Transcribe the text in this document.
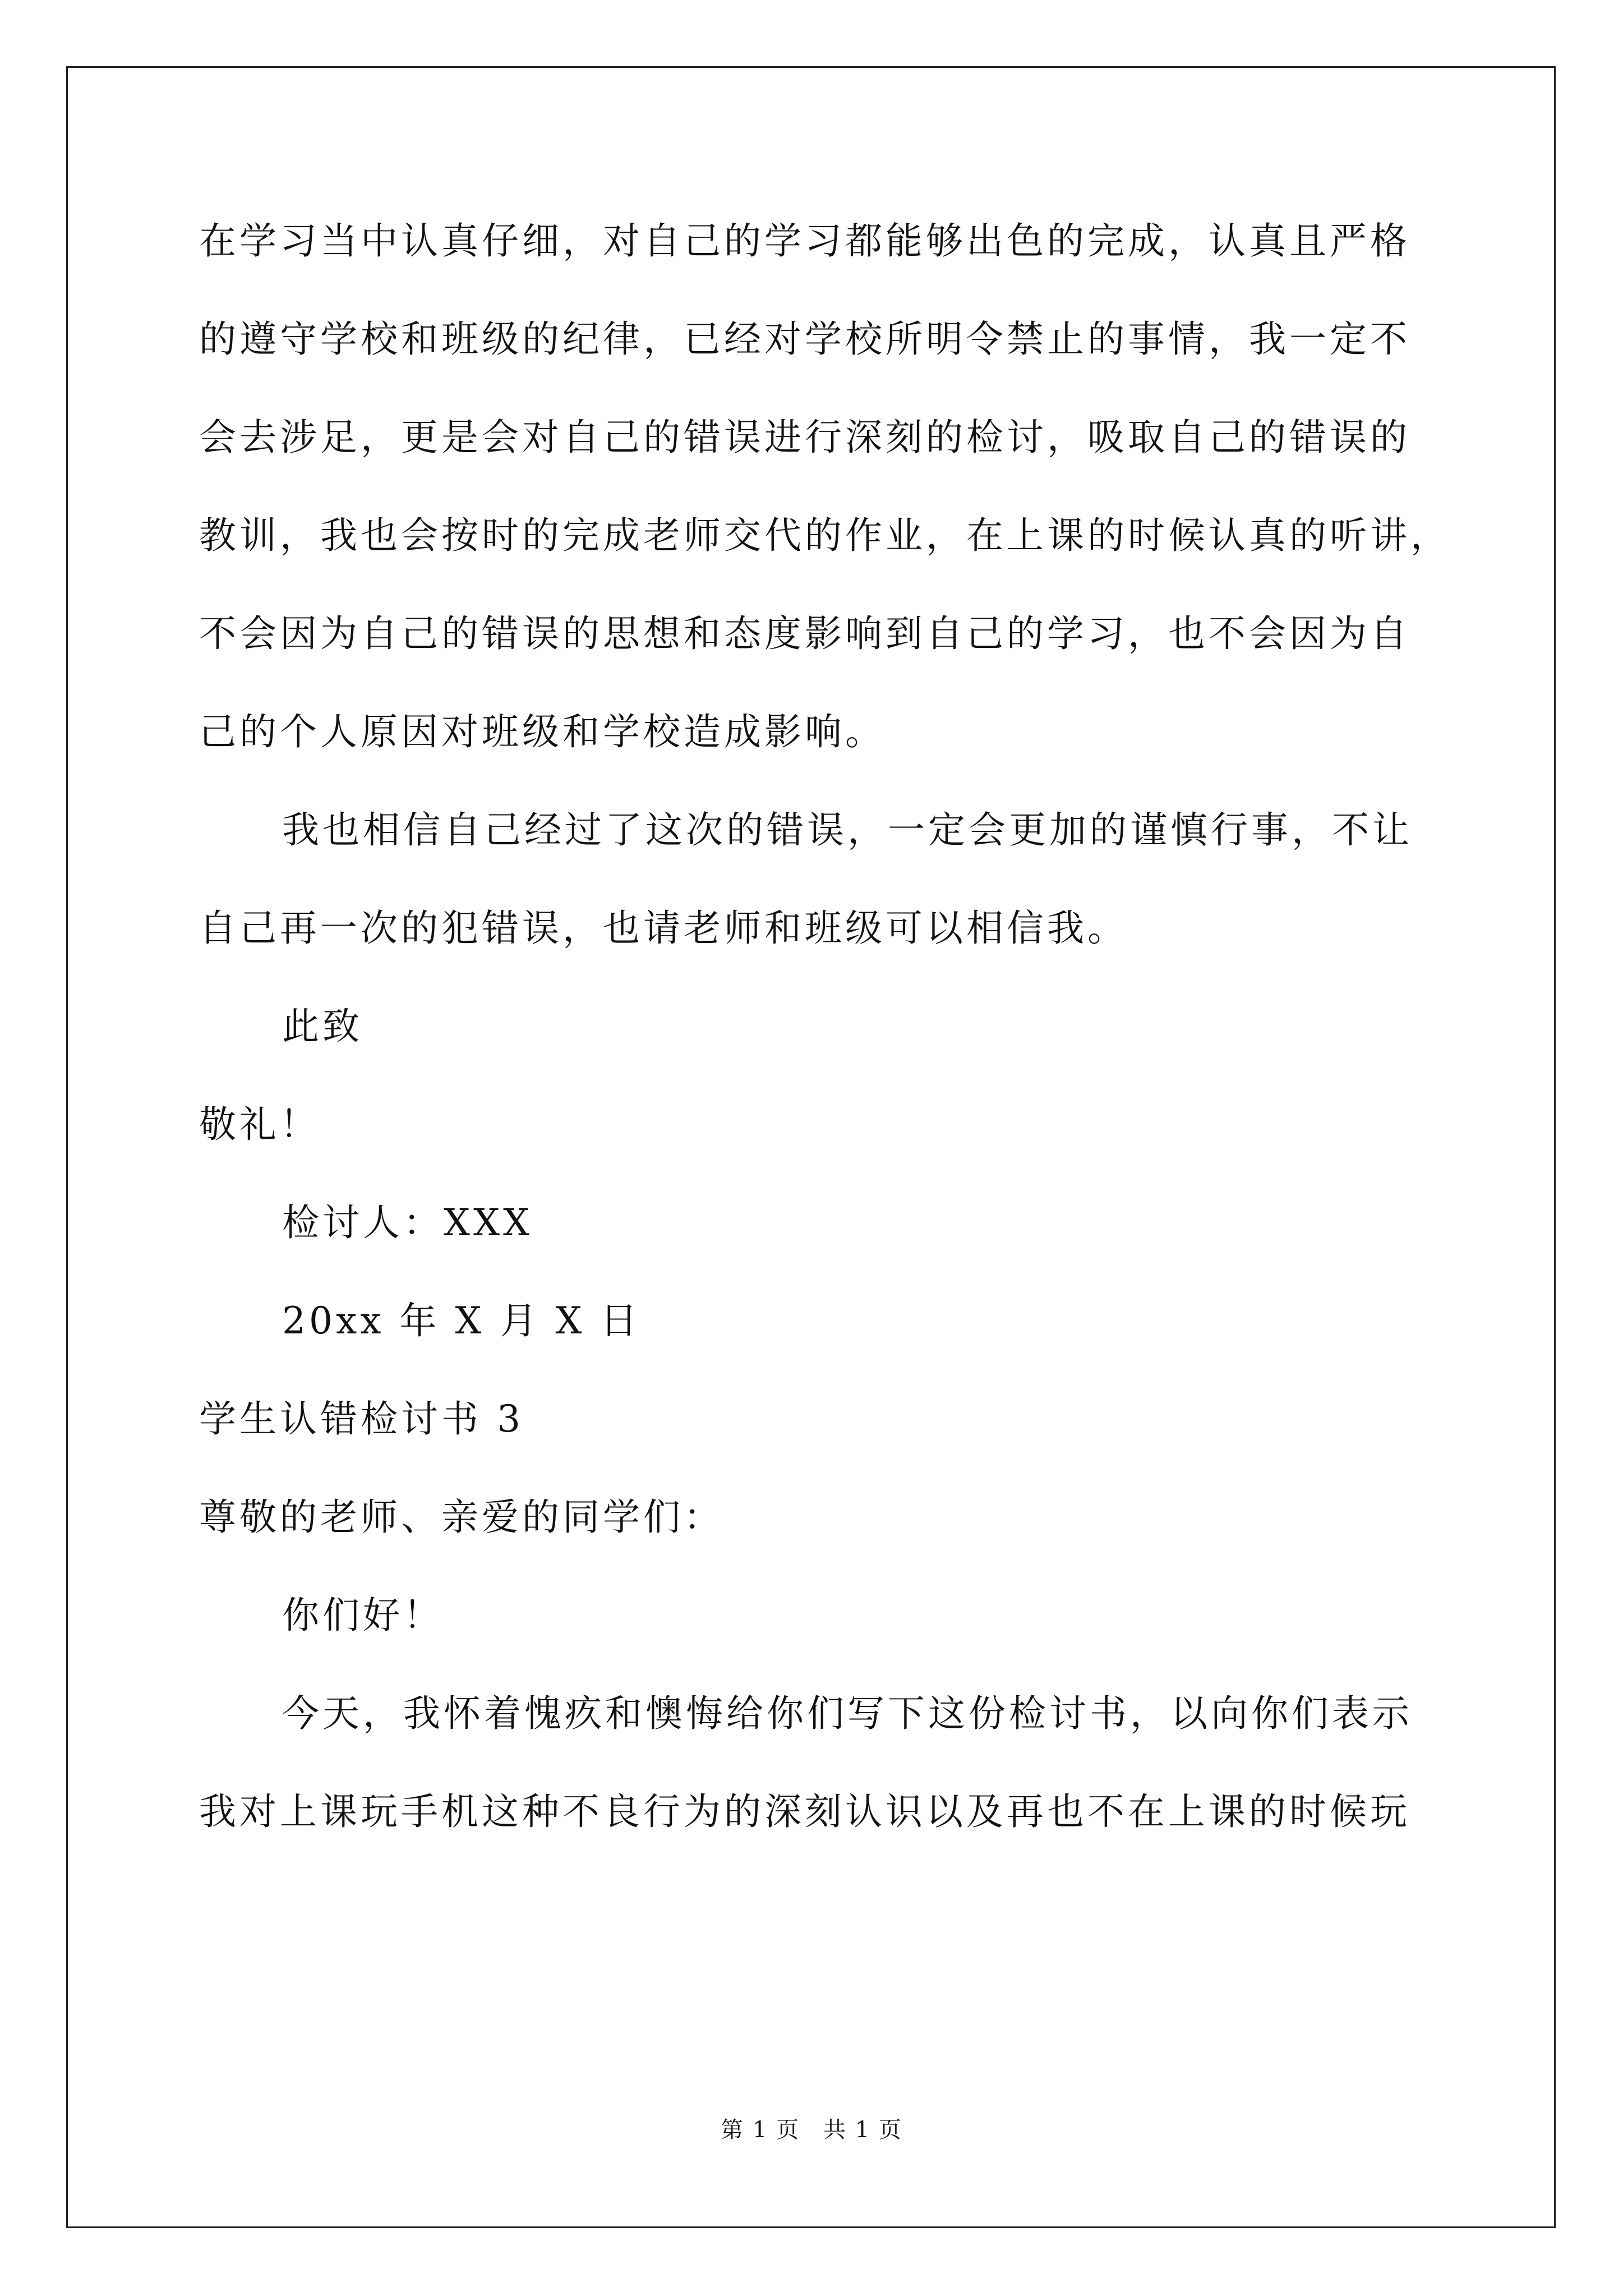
在学习当中认真仔细，对自己的学习都能够出色的完成，认真且严格
的遵守学校和班级的纪律，已经对学校所明令禁止的事情，我一定不
会去涉足，更是会对自己的错误进行深刻的检讨，吸取自己的错误的
教训，我也会按时的完成老师交代的作业，在上课的时候认真的听讲，
不会因为自己的错误的思想和态度影响到自己的学习，也不会因为自
己的个人原因对班级和学校造成影响。
我也相信自己经过了这次的错误，一定会更加的谨慎行事，不让
自己再一次的犯错误，也请老师和班级可以相信我。
此致
敬礼！
检讨人：XXX
20xx 年 X 月 X 日
学生认错检讨书 3
尊敬的老师、亲爱的同学们：
你们好！
今天，我怀着愧疚和懊悔给你们写下这份检讨书，以向你们表示
我对上课玩手机这种不良行为的深刻认识以及再也不在上课的时候玩
第 1 页　共 1 页
